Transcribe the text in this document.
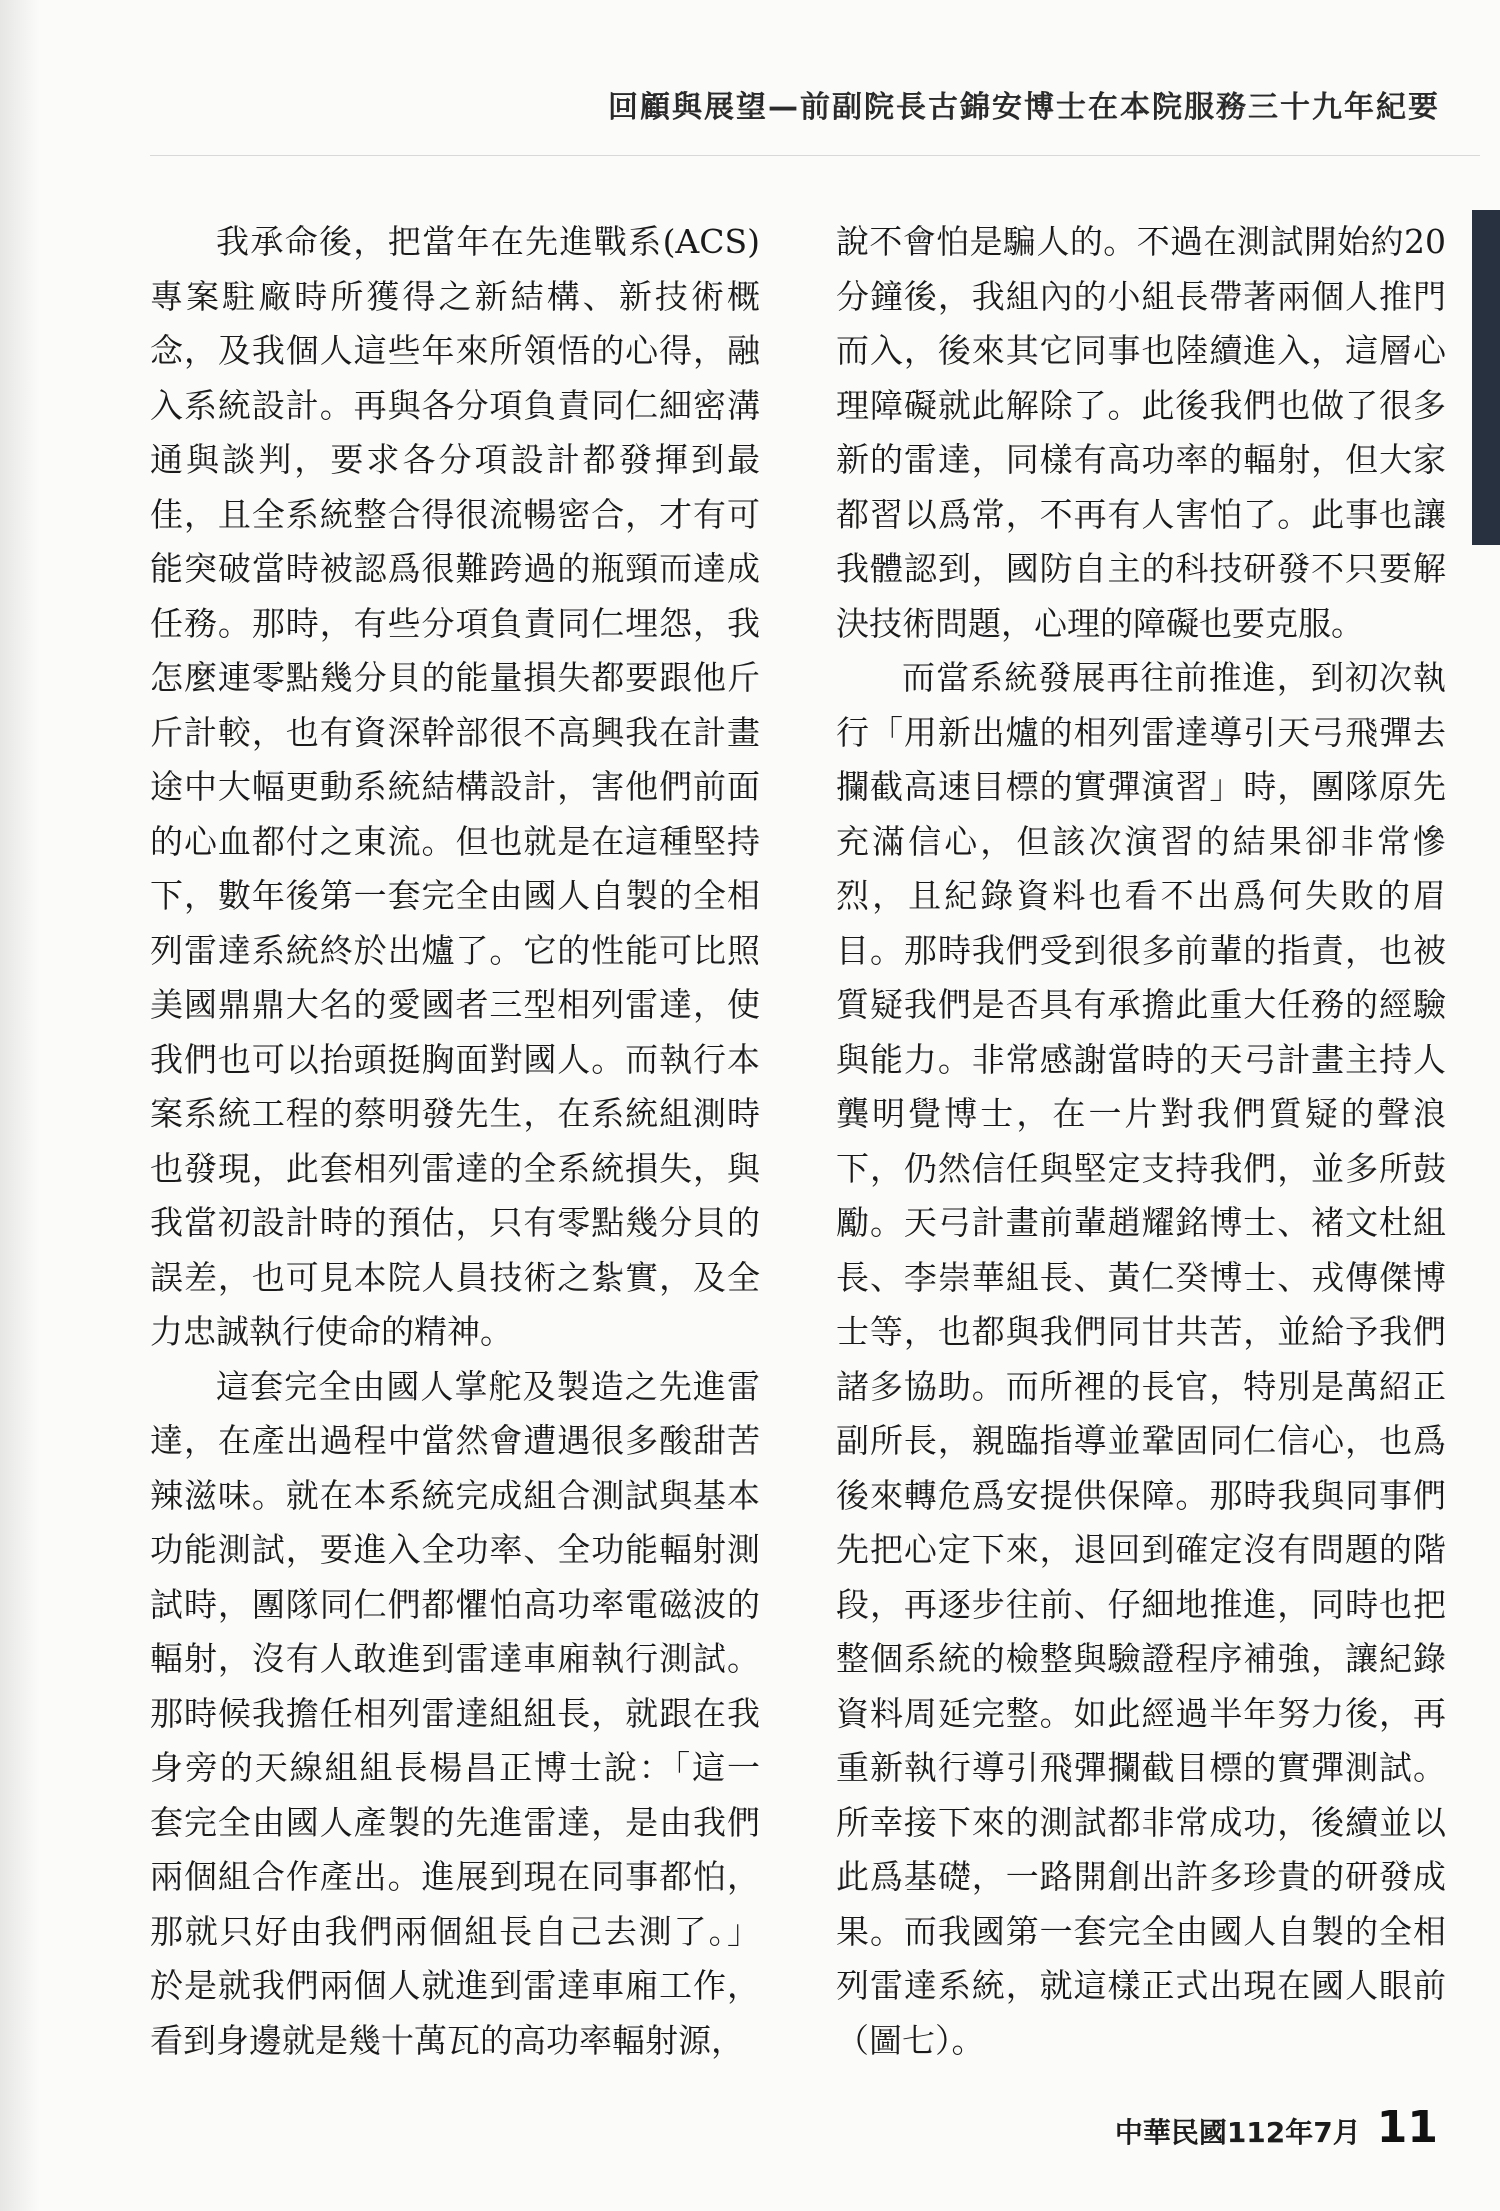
回顧與展望—前副院長古錦安博士在本院服務三十九年紀要

我承命後，把當年在先進戰系(ACS)專案駐廠時所獲得之新結構、新技術概念，及我個人這些年來所領悟的心得，融入系統設計。再與各分項負責同仁細密溝通與談判，要求各分項設計都發揮到最佳，且全系統整合得很流暢密合，才有可能突破當時被認爲很難跨過的瓶頸而達成任務。那時，有些分項負責同仁埋怨，我怎麼連零點幾分貝的能量損失都要跟他斤斤計較，也有資深幹部很不高興我在計畫途中大幅更動系統結構設計，害他們前面的心血都付之東流。但也就是在這種堅持下，數年後第一套完全由國人自製的全相列雷達系統終於出爐了。它的性能可比照美國鼎鼎大名的愛國者三型相列雷達，使我們也可以抬頭挺胸面對國人。而執行本案系統工程的蔡明發先生，在系統組測時也發現，此套相列雷達的全系統損失，與我當初設計時的預估，只有零點幾分貝的誤差，也可見本院人員技術之紮實，及全力忠誠執行使命的精神。

這套完全由國人掌舵及製造之先進雷達，在產出過程中當然會遭遇很多酸甜苦辣滋味。就在本系統完成組合測試與基本功能測試，要進入全功率、全功能輻射測試時，團隊同仁們都懼怕高功率電磁波的輻射，沒有人敢進到雷達車廂執行測試。那時候我擔任相列雷達組組長，就跟在我身旁的天線組組長楊昌正博士說：「這一套完全由國人產製的先進雷達，是由我們兩個組合作產出。進展到現在同事都怕，那就只好由我們兩個組長自己去測了。」於是就我們兩個人就進到雷達車廂工作，看到身邊就是幾十萬瓦的高功率輻射源，

說不會怕是騙人的。不過在測試開始約20分鐘後，我組內的小組長帶著兩個人推門而入，後來其它同事也陸續進入，這層心理障礙就此解除了。此後我們也做了很多新的雷達，同樣有高功率的輻射，但大家都習以爲常，不再有人害怕了。此事也讓我體認到，國防自主的科技研發不只要解決技術問題，心理的障礙也要克服。

而當系統發展再往前推進，到初次執行「用新出爐的相列雷達導引天弓飛彈去攔截高速目標的實彈演習」時，團隊原先充滿信心，但該次演習的結果卻非常慘烈，且紀錄資料也看不出爲何失敗的眉目。那時我們受到很多前輩的指責，也被質疑我們是否具有承擔此重大任務的經驗與能力。非常感謝當時的天弓計畫主持人龔明覺博士，在一片對我們質疑的聲浪下，仍然信任與堅定支持我們，並多所鼓勵。天弓計畫前輩趙耀銘博士、褚文杜組長、李崇華組長、黃仁癸博士、戎傳傑博士等，也都與我們同甘共苦，並給予我們諸多協助。而所裡的長官，特別是萬紹正副所長，親臨指導並鞏固同仁信心，也爲後來轉危爲安提供保障。那時我與同事們先把心定下來，退回到確定沒有問題的階段，再逐步往前、仔細地推進，同時也把整個系統的檢整與驗證程序補強，讓紀錄資料周延完整。如此經過半年努力後，再重新執行導引飛彈攔截目標的實彈測試。所幸接下來的測試都非常成功，後續並以此爲基礎，一路開創出許多珍貴的研發成果。而我國第一套完全由國人自製的全相列雷達系統，就這樣正式出現在國人眼前（圖七）。

中華民國112年7月 11
